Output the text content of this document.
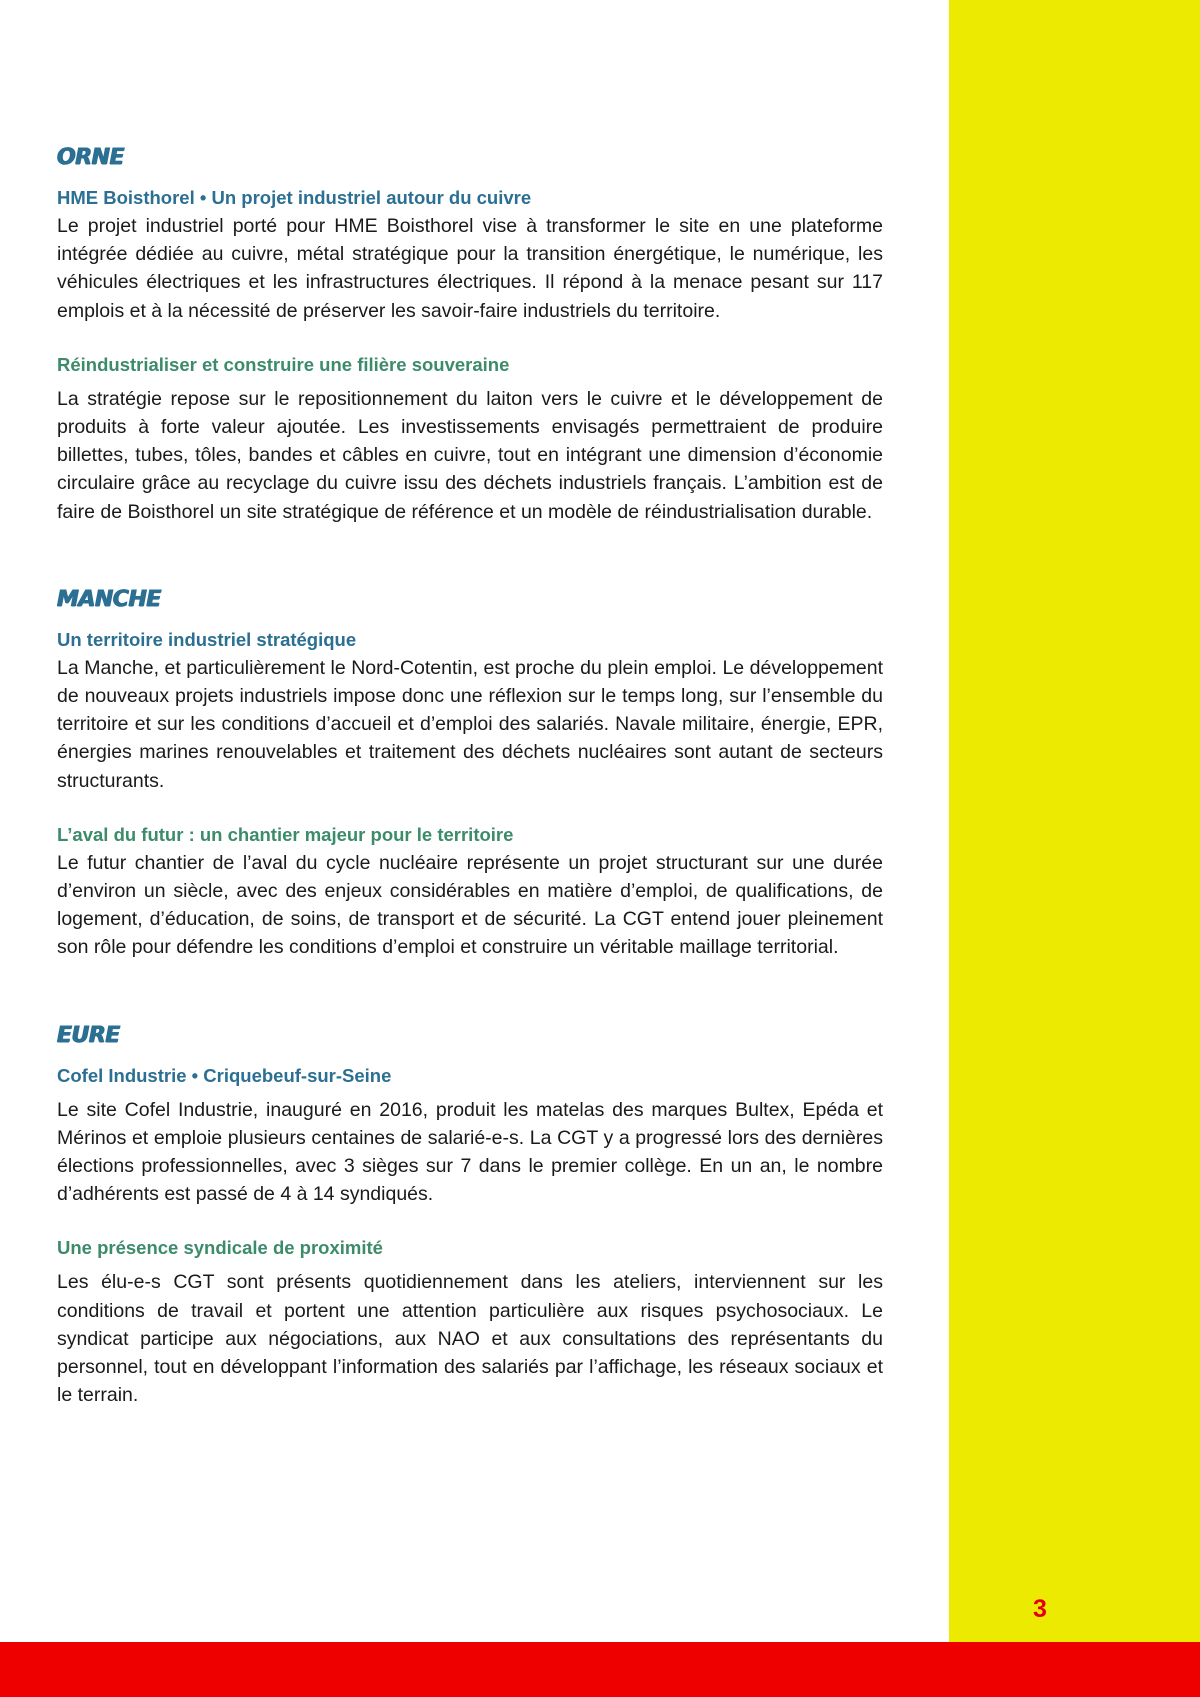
3
ORNE

HME Boisthorel • Un projet industriel autour du cuivre

Le projet industriel porté pour HME Boisthorel vise à transformer le site en une plateforme intégrée dédiée au cuivre, métal stratégique pour la transition énergétique, le numérique, les véhicules électriques et les infrastructures électriques. Il répond à la menace pesant sur 117 emplois et à la nécessité de préserver les savoir-faire industriels du territoire.

Réindustrialiser et construire une filière souveraine

La stratégie repose sur le repositionnement du laiton vers le cuivre et le développement de produits à forte valeur ajoutée. Les investissements envisagés permettraient de produire billettes, tubes, tôles, bandes et câbles en cuivre, tout en intégrant une dimension d’économie circulaire grâce au recyclage du cuivre issu des déchets industriels français. L’ambition est de faire de Boisthorel un site stratégique de référence et un modèle de réindustrialisation durable.

MANCHE

Un territoire industriel stratégique

La Manche, et particulièrement le Nord-Cotentin, est proche du plein emploi. Le développement de nouveaux projets industriels impose donc une réflexion sur le temps long, sur l’ensemble du territoire et sur les conditions d’accueil et d’emploi des salariés. Navale militaire, énergie, EPR, énergies marines renouvelables et traitement des déchets nucléaires sont autant de secteurs structurants.

L’aval du futur : un chantier majeur pour le territoire

Le futur chantier de l’aval du cycle nucléaire représente un projet structurant sur une durée d’environ un siècle, avec des enjeux considérables en matière d’emploi, de qualifications, de logement, d’éducation, de soins, de transport et de sécurité. La CGT entend jouer pleinement son rôle pour défendre les conditions d’emploi et construire un véritable maillage territorial.

EURE

Cofel Industrie • Criquebeuf-sur-Seine

Le site Cofel Industrie, inauguré en 2016, produit les matelas des marques Bultex, Epéda et Mérinos et emploie plusieurs centaines de salarié-e-s. La CGT y a progressé lors des dernières élections professionnelles, avec 3 sièges sur 7 dans le premier collège. En un an, le nombre d’adhérents est passé de 4 à 14 syndiqués.

Une présence syndicale de proximité

Les élu-e-s CGT sont présents quotidiennement dans les ateliers, interviennent sur les conditions de travail et portent une attention particulière aux risques psychosociaux. Le syndicat participe aux négociations, aux NAO et aux consultations des représentants du personnel, tout en développant l’information des salariés par l’affichage, les réseaux sociaux et le terrain.
